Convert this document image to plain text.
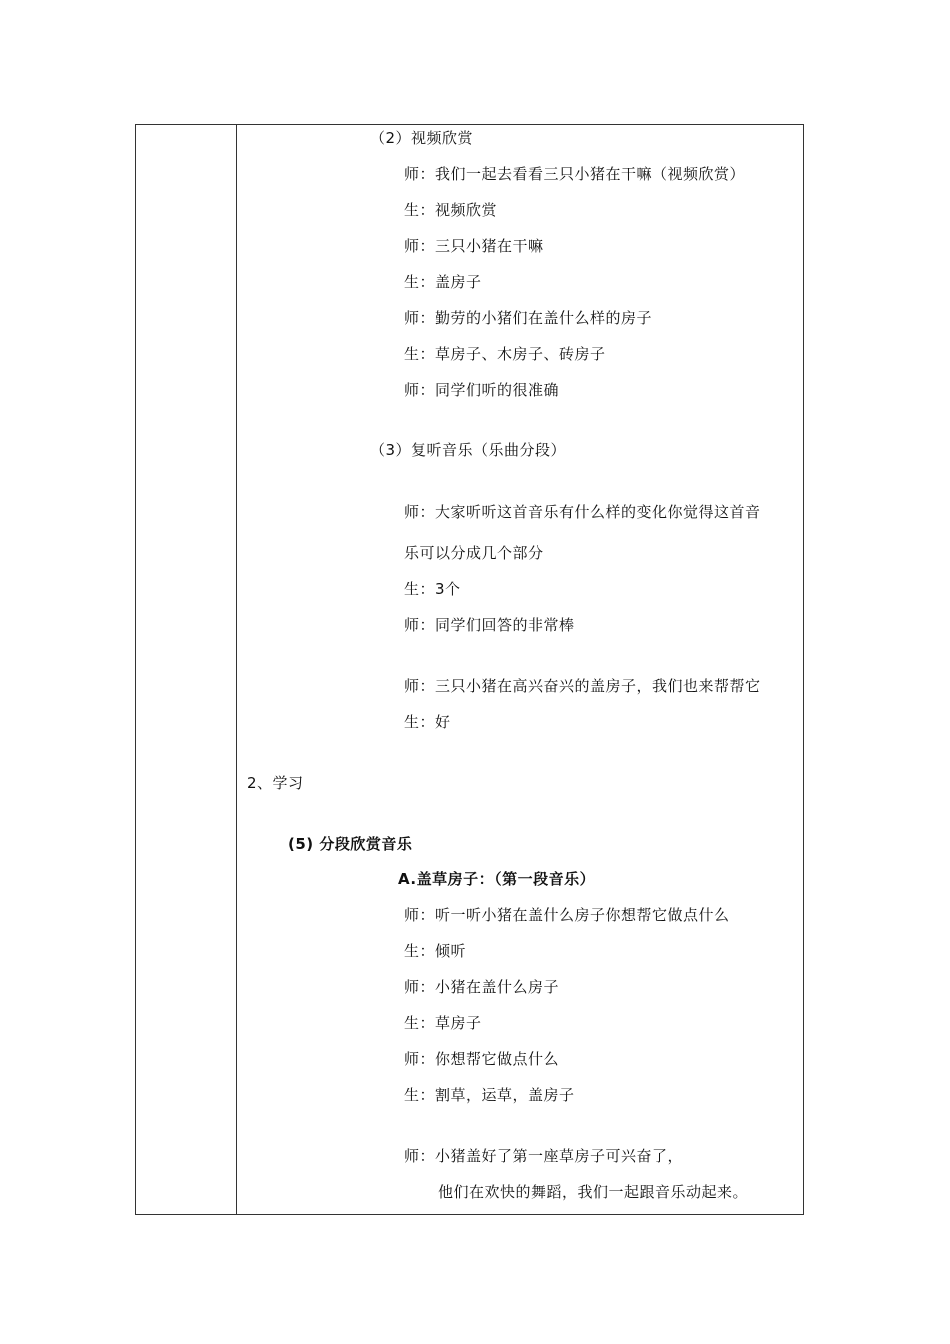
（2）视频欣赏
师：我们一起去看看三只小猪在干嘛（视频欣赏）
生：视频欣赏
师：三只小猪在干嘛
生：盖房子
师：勤劳的小猪们在盖什么样的房子
生：草房子、木房子、砖房子
师：同学们听的很准确
（3）复听音乐（乐曲分段）
师：大家听听这首音乐有什么样的变化你觉得这首音
乐可以分成几个部分
生：3个
师：同学们回答的非常棒
师：三只小猪在高兴奋兴的盖房子，我们也来帮帮它
生：好
2、学习
(5) 分段欣赏音乐
A.盖草房子：（第一段音乐）
师：听一听小猪在盖什么房子你想帮它做点什么
生：倾听
师：小猪在盖什么房子
生：草房子
师：你想帮它做点什么
生：割草，运草，盖房子
师：小猪盖好了第一座草房子可兴奋了，
他们在欢快的舞蹈，我们一起跟音乐动起来。
